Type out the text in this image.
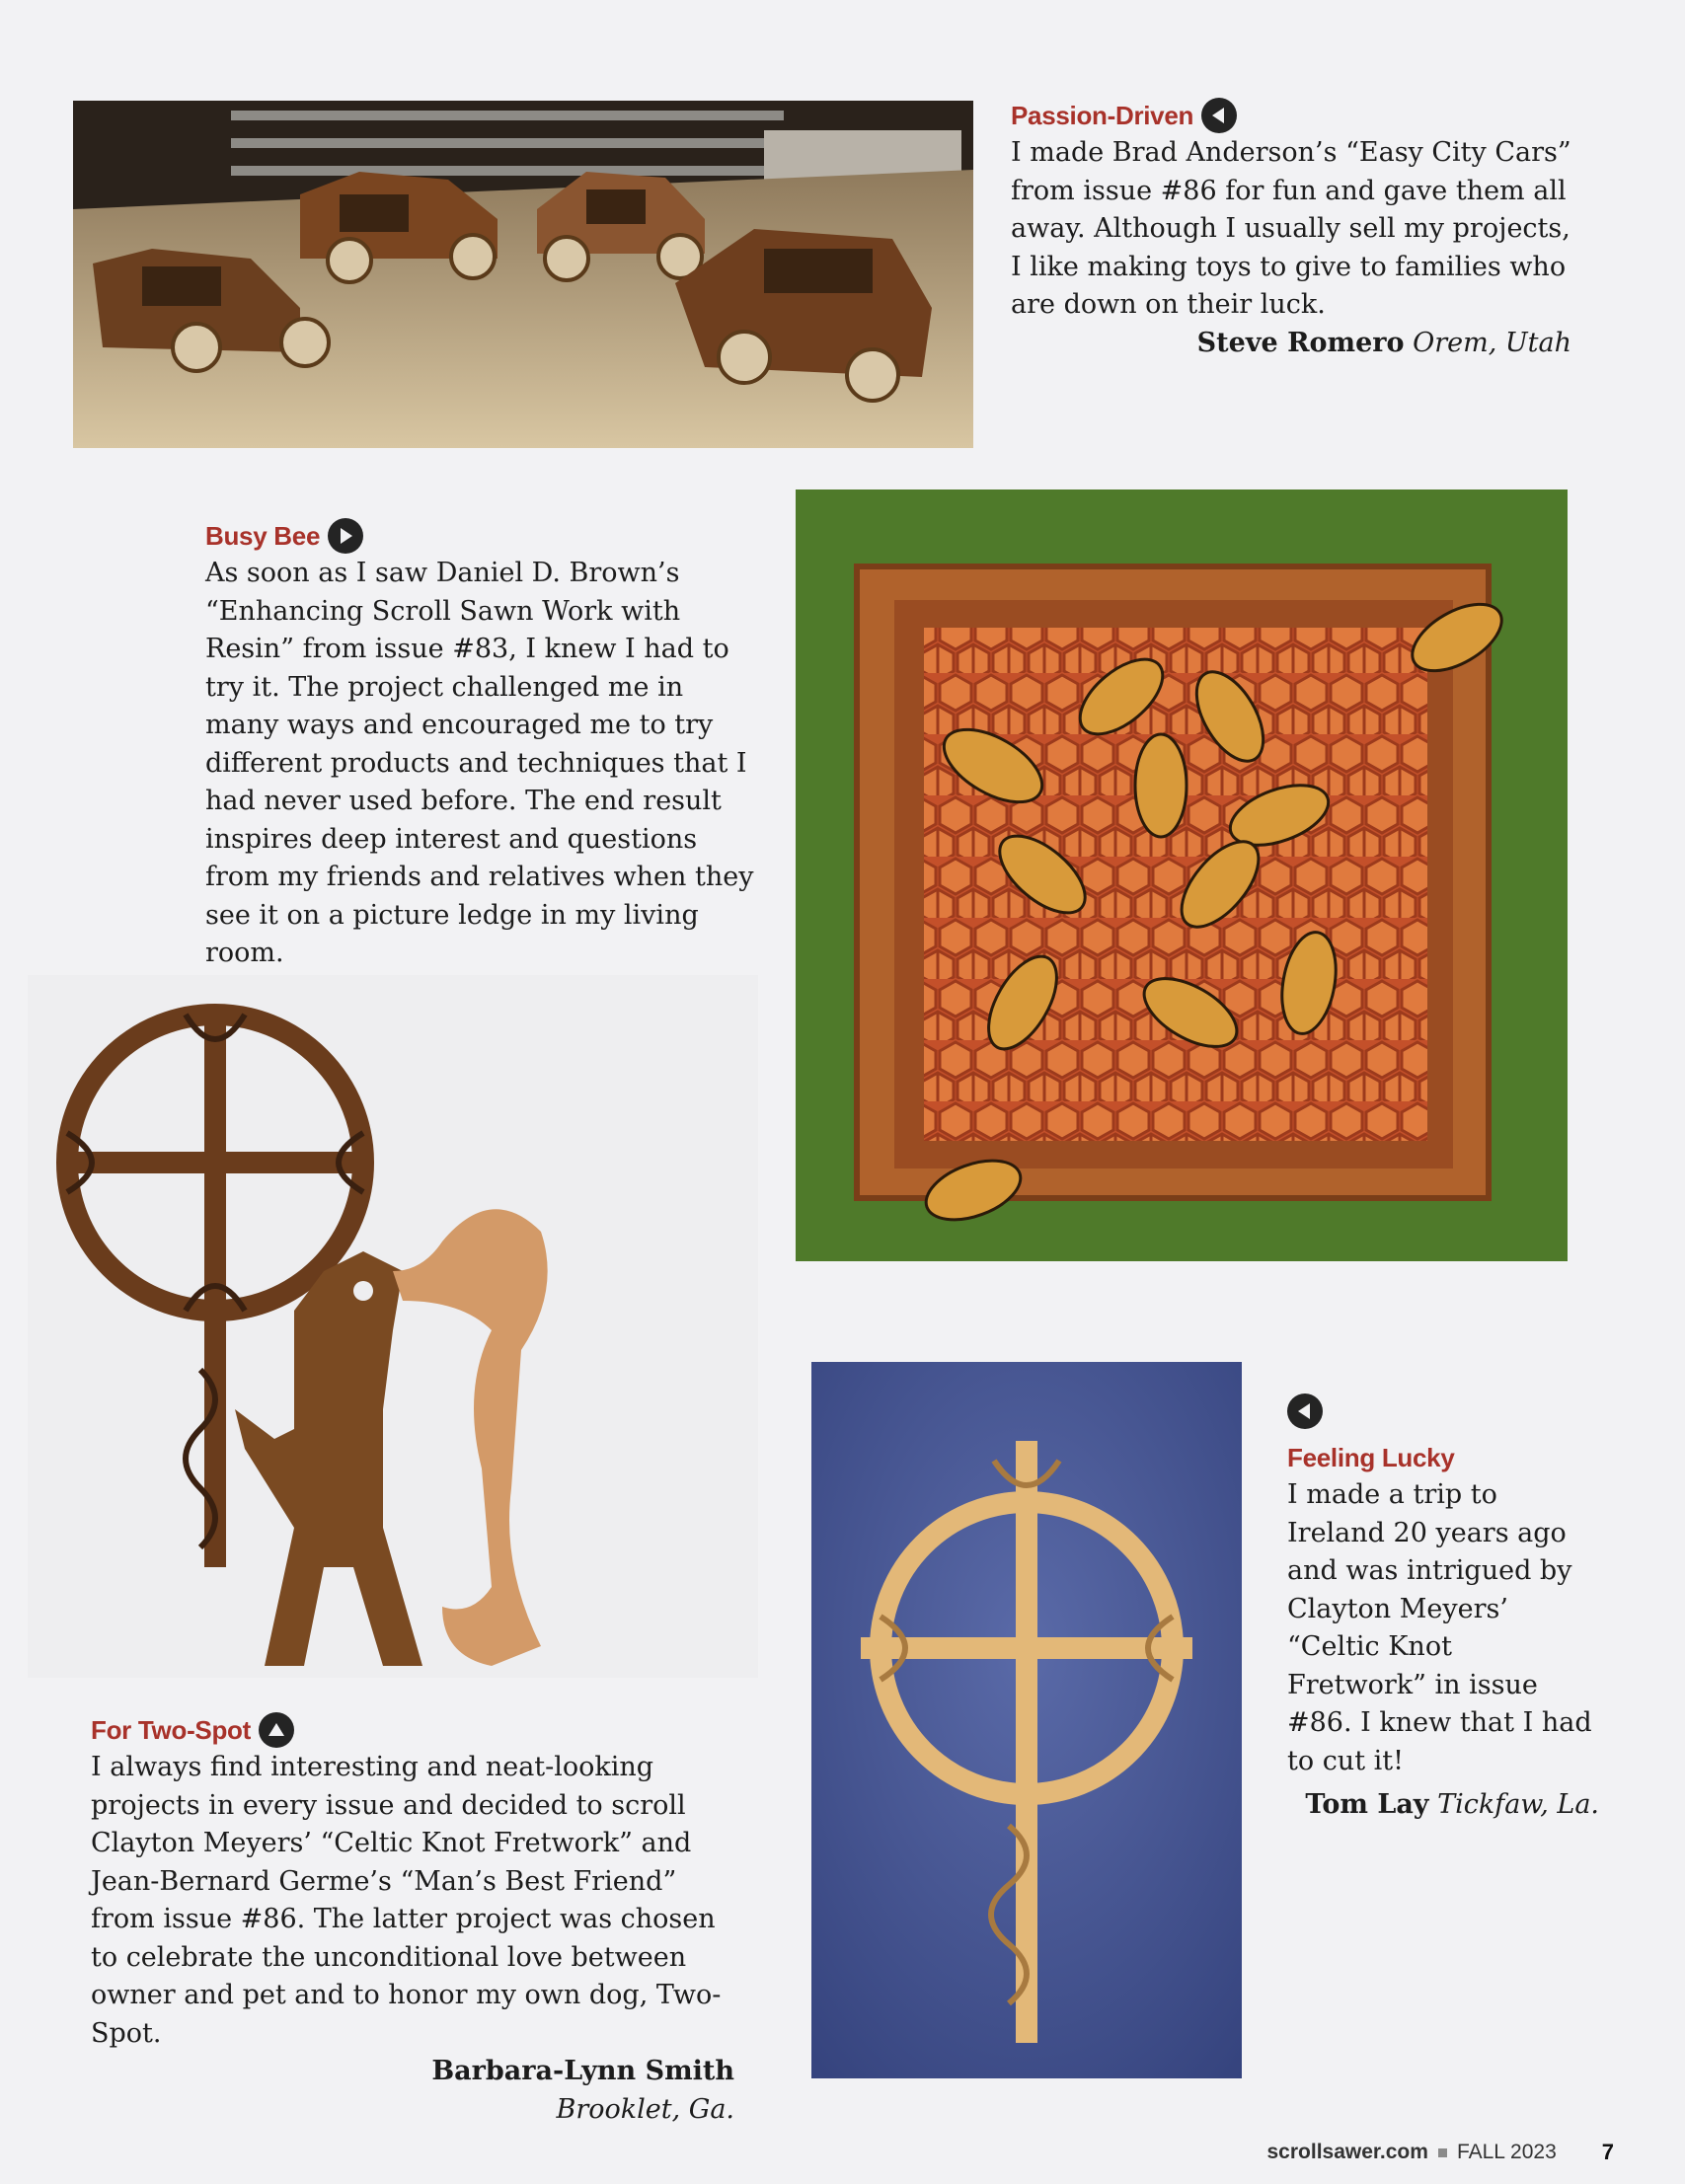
Passion-Driven

I made Brad Anderson’s “Easy City Cars” from issue #86 for fun and gave them all away. Although I usually sell my projects, I like making toys to give to families who are down on their luck.

Steve Romero Orem, Utah
Busy Bee

As soon as I saw Daniel D. Brown’s “Enhancing Scroll Sawn Work with Resin” from issue #83, I knew I had to try it. The project challenged me in many ways and encouraged me to try different products and techniques that I had never used before. The end result inspires deep interest and questions from my friends and relatives when they see it on a picture ledge in my living room.

For Two-Spot

I always find interesting and neat-looking projects in every issue and decided to scroll Clayton Meyers’ “Celtic Knot Fretwork” and Jean-Bernard Germe’s “Man’s Best Friend” from issue #86. The latter project was chosen to celebrate the unconditional love between owner and pet and to honor my own dog, Two-Spot.

Barbara-Lynn Smith
Brooklet, Ga.
Feeling Lucky

I made a trip to Ireland 20 years ago and was intrigued by Clayton Meyers’ “Celtic Knot Fretwork” in issue #86. I knew that I had to cut it!

Tom Lay Tickfaw, La.
scrollsawer.com FALL 2023 7
